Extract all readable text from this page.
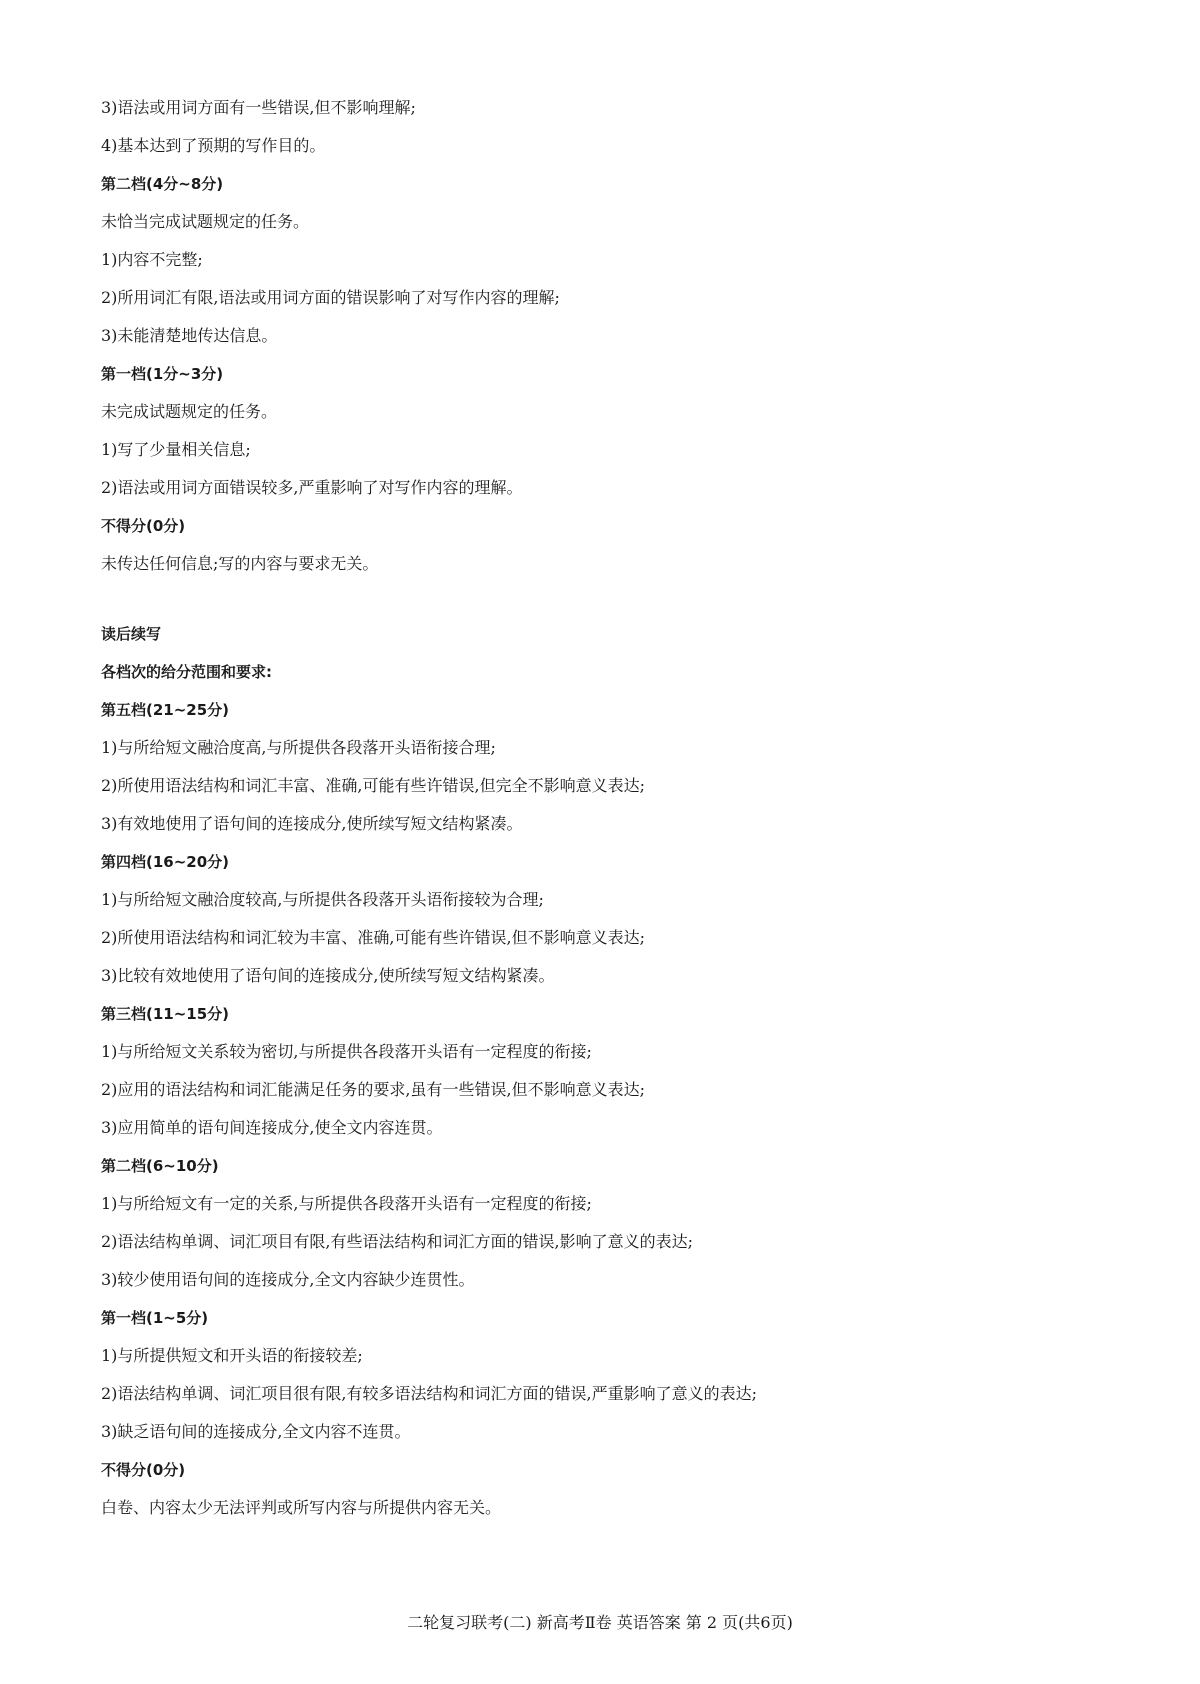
3)语法或用词方面有一些错误,但不影响理解;
4)基本达到了预期的写作目的。
第二档(4分~8分)
未恰当完成试题规定的任务。
1)内容不完整;
2)所用词汇有限,语法或用词方面的错误影响了对写作内容的理解;
3)未能清楚地传达信息。
第一档(1分~3分)
未完成试题规定的任务。
1)写了少量相关信息;
2)语法或用词方面错误较多,严重影响了对写作内容的理解。
不得分(0分)
未传达任何信息;写的内容与要求无关。
读后续写
各档次的给分范围和要求:
第五档(21~25分)
1)与所给短文融洽度高,与所提供各段落开头语衔接合理;
2)所使用语法结构和词汇丰富、准确,可能有些许错误,但完全不影响意义表达;
3)有效地使用了语句间的连接成分,使所续写短文结构紧凑。
第四档(16~20分)
1)与所给短文融洽度较高,与所提供各段落开头语衔接较为合理;
2)所使用语法结构和词汇较为丰富、准确,可能有些许错误,但不影响意义表达;
3)比较有效地使用了语句间的连接成分,使所续写短文结构紧凑。
第三档(11~15分)
1)与所给短文关系较为密切,与所提供各段落开头语有一定程度的衔接;
2)应用的语法结构和词汇能满足任务的要求,虽有一些错误,但不影响意义表达;
3)应用简单的语句间连接成分,使全文内容连贯。
第二档(6~10分)
1)与所给短文有一定的关系,与所提供各段落开头语有一定程度的衔接;
2)语法结构单调、词汇项目有限,有些语法结构和词汇方面的错误,影响了意义的表达;
3)较少使用语句间的连接成分,全文内容缺少连贯性。
第一档(1~5分)
1)与所提供短文和开头语的衔接较差;
2)语法结构单调、词汇项目很有限,有较多语法结构和词汇方面的错误,严重影响了意义的表达;
3)缺乏语句间的连接成分,全文内容不连贯。
不得分(0分)
白卷、内容太少无法评判或所写内容与所提供内容无关。
二轮复习联考(二) 新高考Ⅱ卷 英语答案 第 2 页(共6页)
